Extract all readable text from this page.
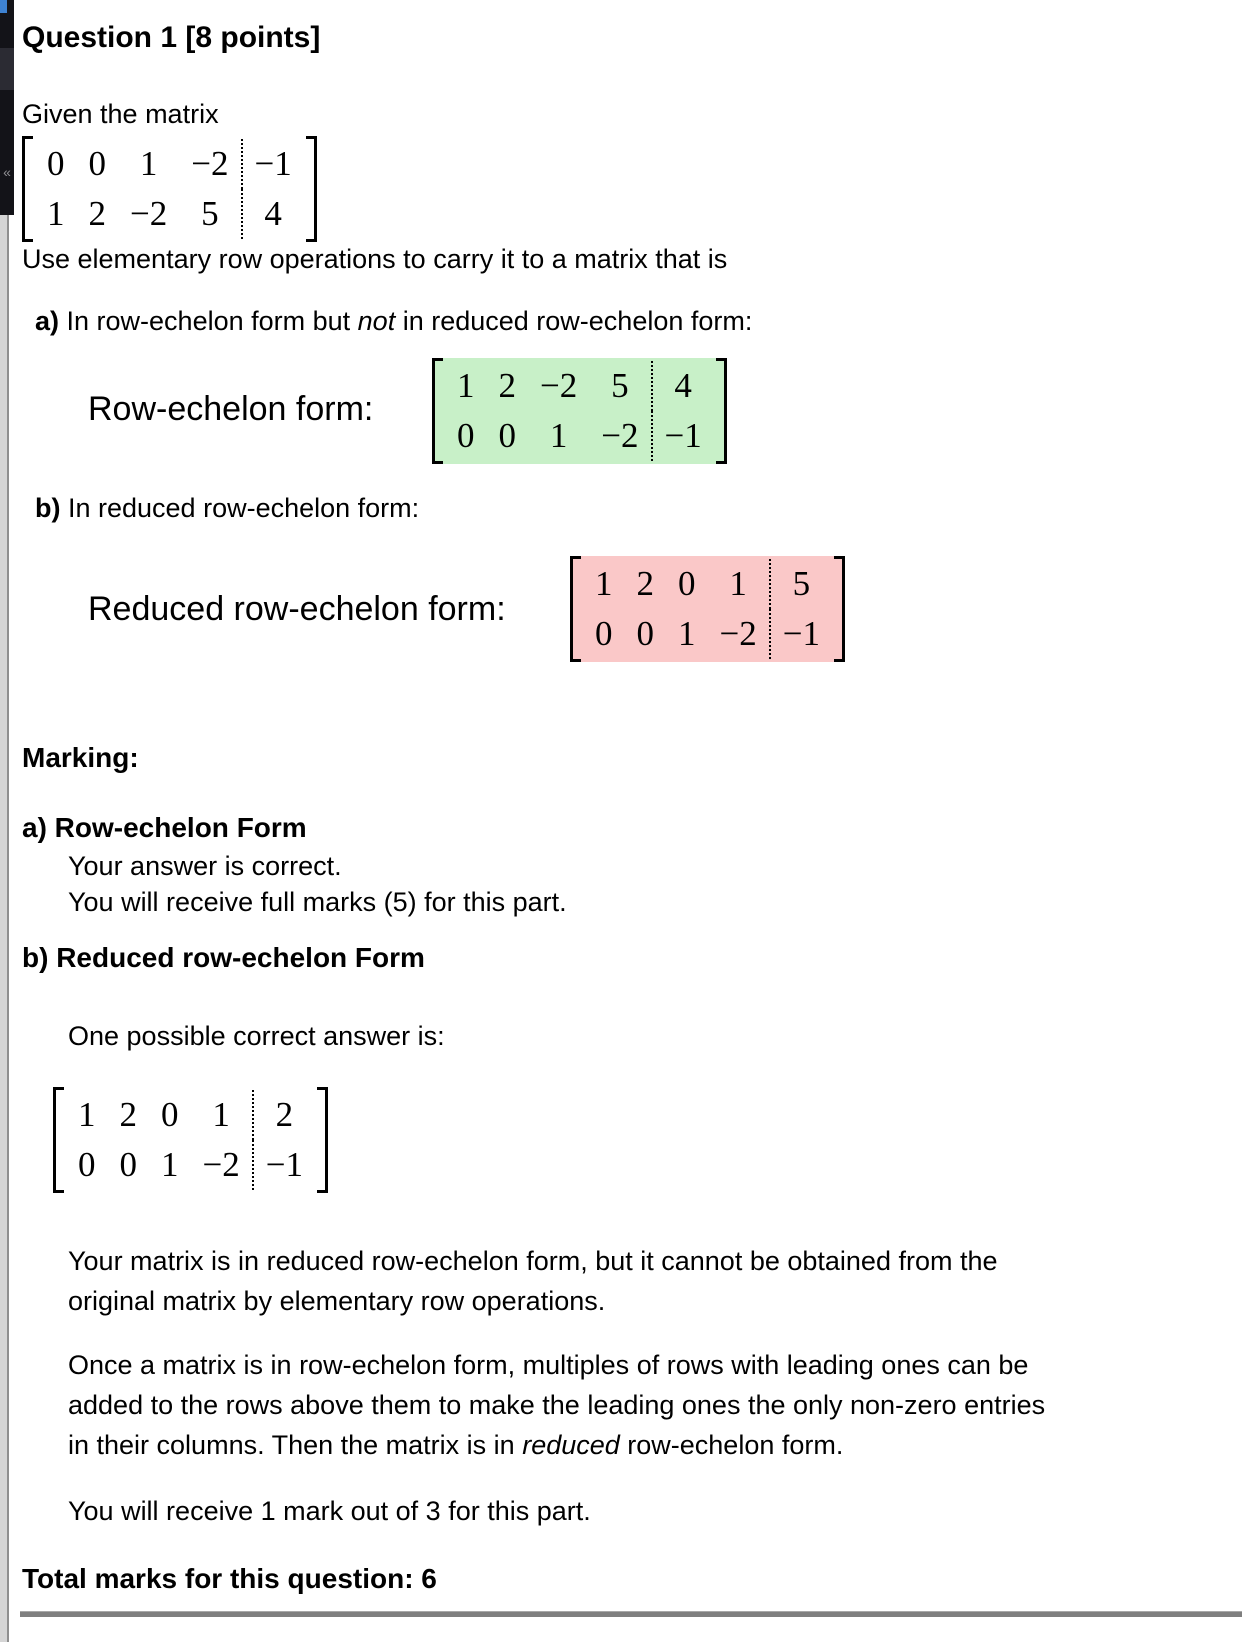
«
Question 1 [8 points]
Given the matrix
0 0 1 −2 −1
1 2 −2 5	4
Use elementary row operations to carry it to a matrix that is
a) In row-echelon form but not in reduced row-echelon form:
Row-echelon form:
1 2 −2 5	4
0 0 1 −2 −1
b) In reduced row-echelon form:
Reduced row-echelon form:
1 2 0 1	5
0 0 1 −2 −1
Marking:
a) Row-echelon Form
Your answer is correct.
You will receive full marks (5) for this part.
b) Reduced row-echelon Form
One possible correct answer is:
1 2 0 1	2
0 0 1 −2 −1
Your matrix is in reduced row-echelon form, but it cannot be obtained from the
original matrix by elementary row operations.
Once a matrix is in row-echelon form, multiples of rows with leading ones can be
added to the rows above them to make the leading ones the only non-zero entries
in their columns. Then the matrix is in reduced row-echelon form.
You will receive 1 mark out of 3 for this part.
Total marks for this question: 6
